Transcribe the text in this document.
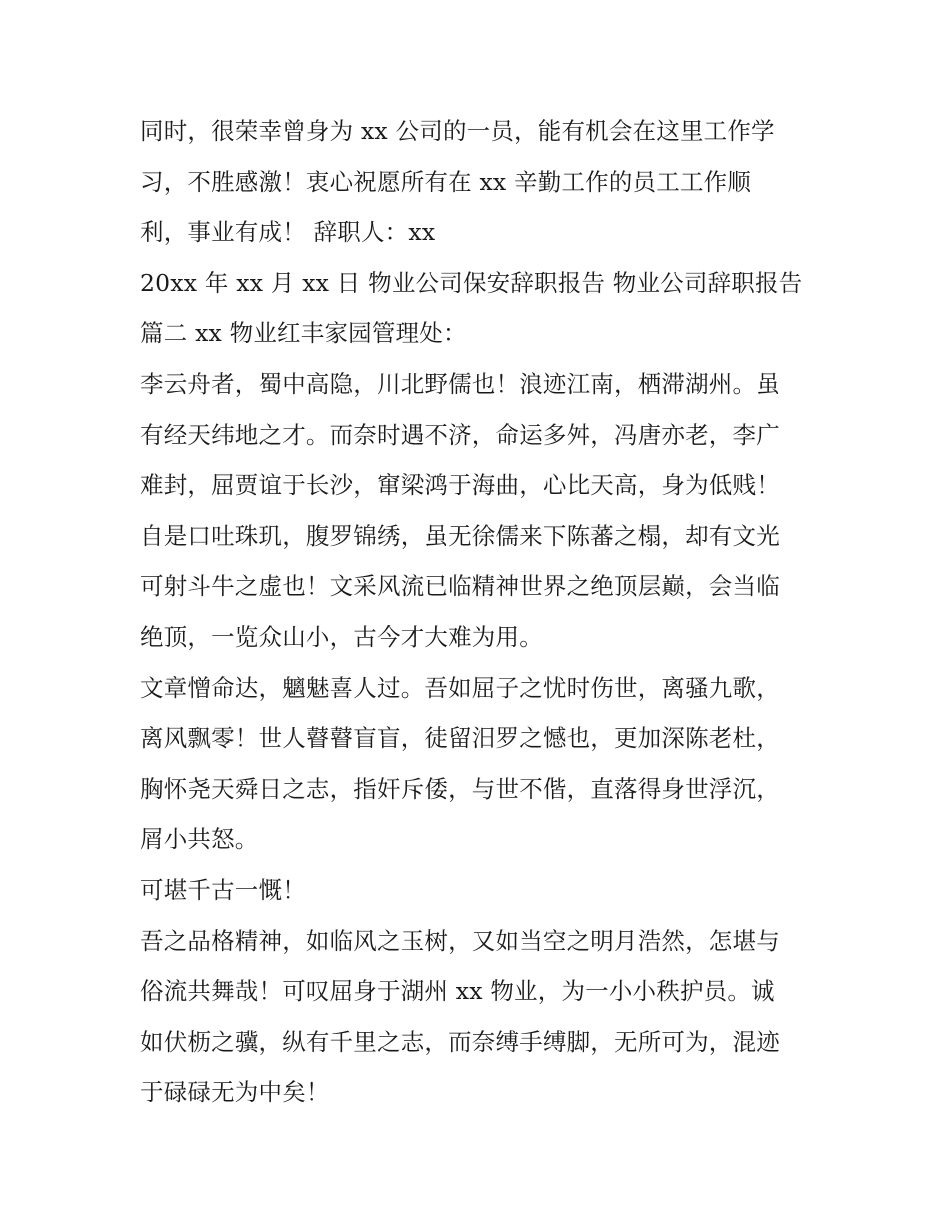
同时，很荣幸曾身为 xx 公司的一员，能有机会在这里工作学
习，不胜感激！衷心祝愿所有在 xx 辛勤工作的员工工作顺
利，事业有成！ 辞职人：xx
20xx 年 xx 月 xx 日 物业公司保安辞职报告 物业公司辞职报告
篇二 xx 物业红丰家园管理处：
李云舟者，蜀中高隐，川北野儒也！浪迹江南，栖滞湖州。虽
有经天纬地之才。而奈时遇不济，命运多舛，冯唐亦老，李广
难封，屈贾谊于长沙，窜梁鸿于海曲，心比天高，身为低贱！
自是口吐珠玑，腹罗锦绣，虽无徐儒来下陈蕃之榻，却有文光
可射斗牛之虚也！文采风流已临精神世界之绝顶层巅，会当临
绝顶，一览众山小，古今才大难为用。
文章憎命达，魑魅喜人过。吾如屈子之忧时伤世，离骚九歌，
离风飘零！世人瞽瞽盲盲，徒留汨罗之憾也，更加深陈老杜，
胸怀尧天舜日之志，指奸斥倭，与世不偕，直落得身世浮沉，
屑小共怒。
可堪千古一慨！
吾之品格精神，如临风之玉树，又如当空之明月浩然，怎堪与
俗流共舞哉！可叹屈身于湖州 xx 物业，为一小小秩护员。诚
如伏枥之骥，纵有千里之志，而奈缚手缚脚，无所可为，混迹
于碌碌无为中矣！
